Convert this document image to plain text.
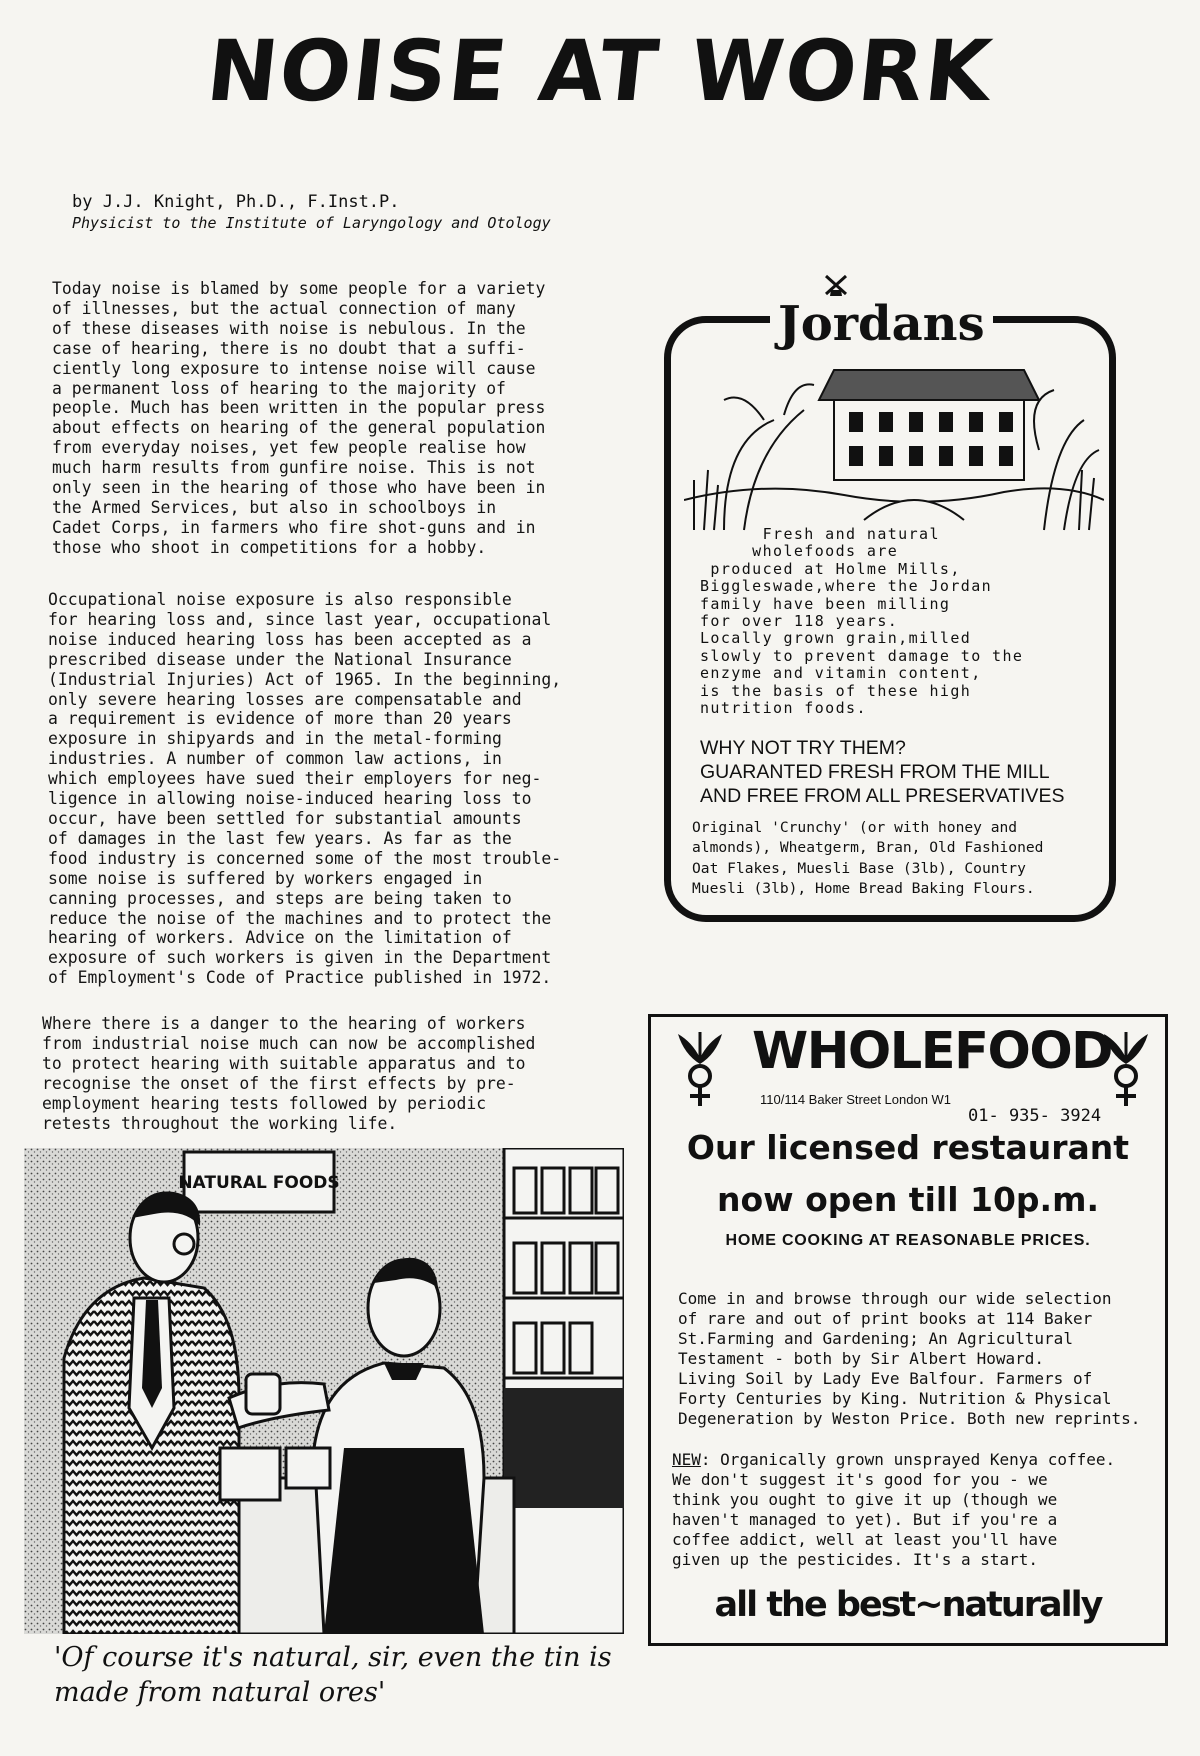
NOISE AT WORK
by J.J. Knight, Ph.D., F.Inst.P.
Physicist to the Institute of Laryngology and Otology
Today noise is blamed by some people for a variety
of illnesses, but the actual connection of many
of these diseases with noise is nebulous. In the
case of hearing, there is no doubt that a suffi-
ciently long exposure to intense noise will cause
a permanent loss of hearing to the majority of
people. Much has been written in the popular press
about effects on hearing of the general population
from everyday noises, yet few people realise how
much harm results from gunfire noise. This is not
only seen in the hearing of those who have been in
the Armed Services, but also in schoolboys in
Cadet Corps, in farmers who fire shot-guns and in
those who shoot in competitions for a hobby.
Occupational noise exposure is also responsible
for hearing loss and, since last year, occupational
noise induced hearing loss has been accepted as a
prescribed disease under the National Insurance
(Industrial Injuries) Act of 1965. In the beginning,
only severe hearing losses are compensatable and
a requirement is evidence of more than 20 years
exposure in shipyards and in the metal-forming
industries. A number of common law actions, in
which employees have sued their employers for neg-
ligence in allowing noise-induced hearing loss to
occur, have been settled for substantial amounts
of damages in the last few years. As far as the
food industry is concerned some of the most trouble-
some noise is suffered by workers engaged in
canning processes, and steps are being taken to
reduce the noise of the machines and to protect the
hearing of workers. Advice on the limitation of
exposure of such workers is given in the Department
of Employment's Code of Practice published in 1972.
Where there is a danger to the hearing of workers
from industrial noise much can now be accomplished
to protect hearing with suitable apparatus and to
recognise the onset of the first effects by pre-
employment hearing tests followed by periodic
retests throughout the working life.
NATURAL FOODS
'Of course it's natural, sir, even the tin is made from natural ores'
Jordans
Fresh and natural
wholefoods are
produced at Holme Mills,
Biggleswade,where the Jordan
family have been milling
for over 118 years.
Locally grown grain,milled
slowly to prevent damage to the
enzyme and vitamin content,
is the basis of these high
nutrition foods.
WHY NOT TRY THEM?
GUARANTED FRESH FROM THE MILL
AND FREE FROM ALL PRESERVATIVES
Original 'Crunchy' (or with honey and
almonds), Wheatgerm, Bran, Old Fashioned
Oat Flakes, Muesli Base (3lb), Country
Muesli (3lb), Home Bread Baking Flours.
WHOLEFOOD
110/114 Baker Street London W1
01- 935- 3924
Our licensed restaurant
now open till 10p.m.
HOME COOKING AT REASONABLE PRICES.
Come in and browse through our wide selection
of rare and out of print books at 114 Baker
St.Farming and Gardening; An Agricultural
Testament - both by Sir Albert Howard.
Living Soil by Lady Eve Balfour. Farmers of
Forty Centuries by King. Nutrition & Physical
Degeneration by Weston Price. Both new reprints.
NEW: Organically grown unsprayed Kenya coffee.
We don't suggest it's good for you - we
think you ought to give it up (though we
haven't managed to yet). But if you're a
coffee addict, well at least you'll have
given up the pesticides. It's a start.
all the best~naturally
